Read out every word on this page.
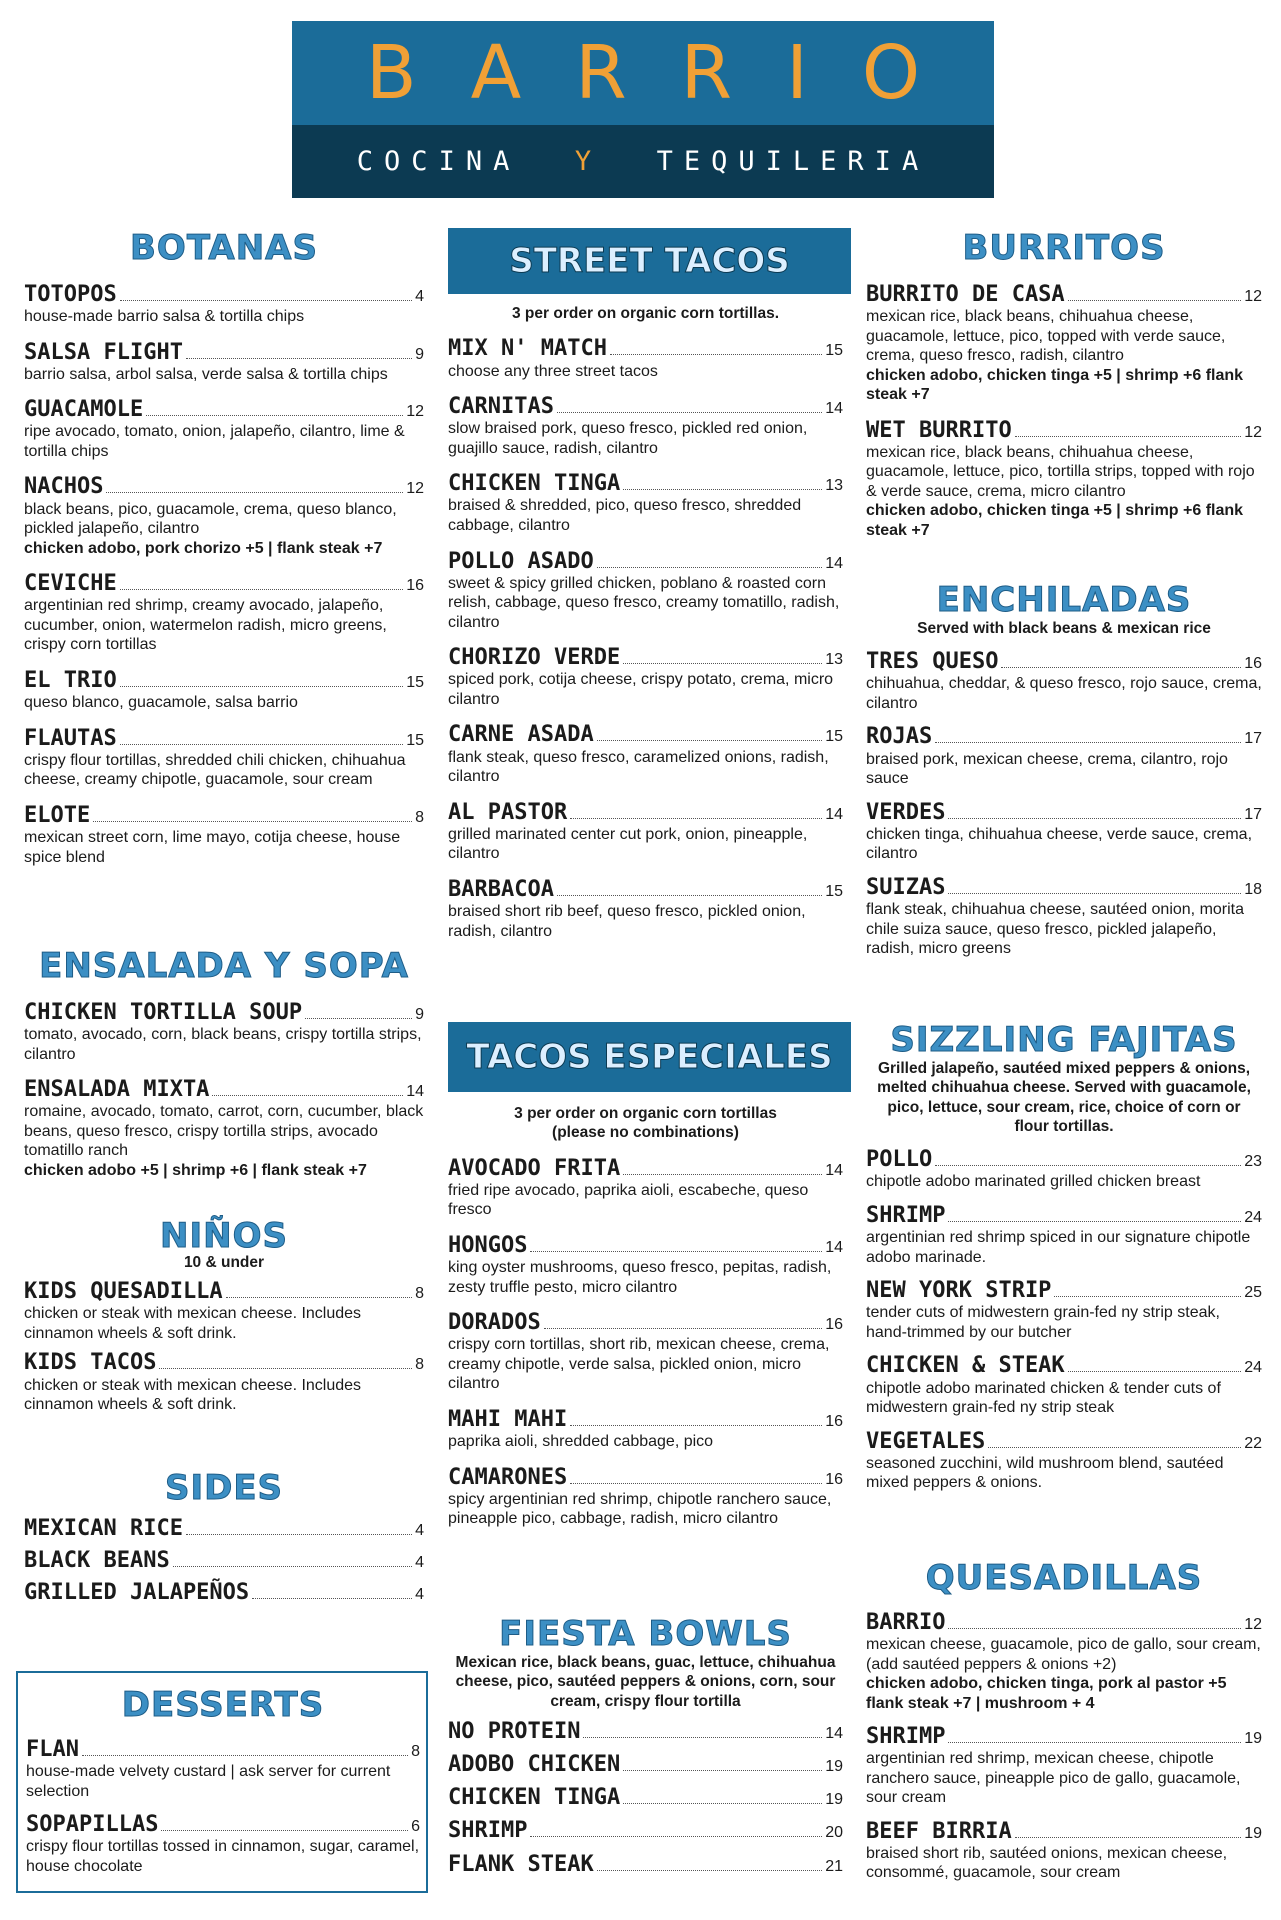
BARRIO
COCINA Y TEQUILERIA
BOTANAS
TOTOPOS	4
house-made barrio salsa & tortilla chips
SALSA FLIGHT	9
barrio salsa, arbol salsa, verde salsa & tortilla chips
GUACAMOLE	12
ripe avocado, tomato, onion, jalapeño, cilantro, lime & tortilla chips
NACHOS	12
black beans, pico, guacamole, crema, queso blanco, pickled jalapeño, cilantro
chicken adobo, pork chorizo +5 | flank steak +7
CEVICHE	16
argentinian red shrimp, creamy avocado, jalapeño, cucumber, onion, watermelon radish, micro greens, crispy corn tortillas
EL TRIO	15
queso blanco, guacamole, salsa barrio
FLAUTAS	15
crispy flour tortillas, shredded chili chicken, chihuahua cheese, creamy chipotle, guacamole, sour cream
ELOTE	8
mexican street corn, lime mayo, cotija cheese, house spice blend
ENSALADA Y SOPA
CHICKEN TORTILLA SOUP	9
tomato, avocado, corn, black beans, crispy tortilla strips, cilantro
ENSALADA MIXTA	14
romaine, avocado, tomato, carrot, corn, cucumber, black beans, queso fresco, crispy tortilla strips, avocado tomatillo ranch
chicken adobo +5 | shrimp +6 | flank steak +7
NIÑOS
10 & under
KIDS QUESADILLA	8
chicken or steak with mexican cheese. Includes cinnamon wheels & soft drink.
KIDS TACOS	8
chicken or steak with mexican cheese. Includes cinnamon wheels & soft drink.
SIDES
MEXICAN RICE	4
BLACK BEANS	4
GRILLED JALAPEÑOS	4
DESSERTS
FLAN	8
house-made velvety custard | ask server for current selection
SOPAPILLAS	6
crispy flour tortillas tossed in cinnamon, sugar, caramel, house chocolate
STREET TACOS
3 per order on organic corn tortillas.
MIX N' MATCH	15
choose any three street tacos
CARNITAS	14
slow braised pork, queso fresco, pickled red onion, guajillo sauce, radish, cilantro
CHICKEN TINGA	13
braised & shredded, pico, queso fresco, shredded cabbage, cilantro
POLLO ASADO	14
sweet & spicy grilled chicken, poblano & roasted corn relish, cabbage, queso fresco, creamy tomatillo, radish, cilantro
CHORIZO VERDE	13
spiced pork, cotija cheese, crispy potato, crema, micro cilantro
CARNE ASADA	15
flank steak, queso fresco, caramelized onions, radish, cilantro
AL PASTOR	14
grilled marinated center cut pork, onion, pineapple, cilantro
BARBACOA	15
braised short rib beef, queso fresco, pickled onion, radish, cilantro
TACOS ESPECIALES
3 per order on organic corn tortillas (please no combinations)
AVOCADO FRITA	14
fried ripe avocado, paprika aioli, escabeche, queso fresco
HONGOS	14
king oyster mushrooms, queso fresco, pepitas, radish, zesty truffle pesto, micro cilantro
DORADOS	16
crispy corn tortillas, short rib, mexican cheese, crema, creamy chipotle, verde salsa, pickled onion, micro cilantro
MAHI MAHI	16
paprika aioli, shredded cabbage, pico
CAMARONES	16
spicy argentinian red shrimp, chipotle ranchero sauce, pineapple pico, cabbage, radish, micro cilantro
FIESTA BOWLS
Mexican rice, black beans, guac, lettuce, chihuahua cheese, pico, sautéed peppers & onions, corn, sour cream, crispy flour tortilla
NO PROTEIN	14
ADOBO CHICKEN	19
CHICKEN TINGA	19
SHRIMP	20
FLANK STEAK	21
BURRITOS
BURRITO DE CASA	12
mexican rice, black beans, chihuahua cheese, guacamole, lettuce, pico, topped with verde sauce, crema, queso fresco, radish, cilantro
chicken adobo, chicken tinga +5 | shrimp +6 flank steak +7
WET BURRITO	12
mexican rice, black beans, chihuahua cheese, guacamole, lettuce, pico, tortilla strips, topped with rojo & verde sauce, crema, micro cilantro
chicken adobo, chicken tinga +5 | shrimp +6 flank steak +7
ENCHILADAS
Served with black beans & mexican rice
TRES QUESO	16
chihuahua, cheddar, & queso fresco, rojo sauce, crema, cilantro
ROJAS	17
braised pork, mexican cheese, crema, cilantro, rojo sauce
VERDES	17
chicken tinga, chihuahua cheese, verde sauce, crema, cilantro
SUIZAS	18
flank steak, chihuahua cheese, sautéed onion, morita chile suiza sauce, queso fresco, pickled jalapeño, radish, micro greens
SIZZLING FAJITAS
Grilled jalapeño, sautéed mixed peppers & onions, melted chihuahua cheese. Served with guacamole, pico, lettuce, sour cream, rice, choice of corn or flour tortillas.
POLLO	23
chipotle adobo marinated grilled chicken breast
SHRIMP	24
argentinian red shrimp spiced in our signature chipotle adobo marinade.
NEW YORK STRIP	25
tender cuts of midwestern grain-fed ny strip steak, hand-trimmed by our butcher
CHICKEN & STEAK	24
chipotle adobo marinated chicken & tender cuts of midwestern grain-fed ny strip steak
VEGETALES	22
seasoned zucchini, wild mushroom blend, sautéed mixed peppers & onions.
QUESADILLAS
BARRIO	12
mexican cheese, guacamole, pico de gallo, sour cream, (add sautéed peppers & onions +2)
chicken adobo, chicken tinga, pork al pastor +5 flank steak +7 | mushroom + 4
SHRIMP	19
argentinian red shrimp, mexican cheese, chipotle ranchero sauce, pineapple pico de gallo, guacamole, sour cream
BEEF BIRRIA	19
braised short rib, sautéed onions, mexican cheese, consommé, guacamole, sour cream
